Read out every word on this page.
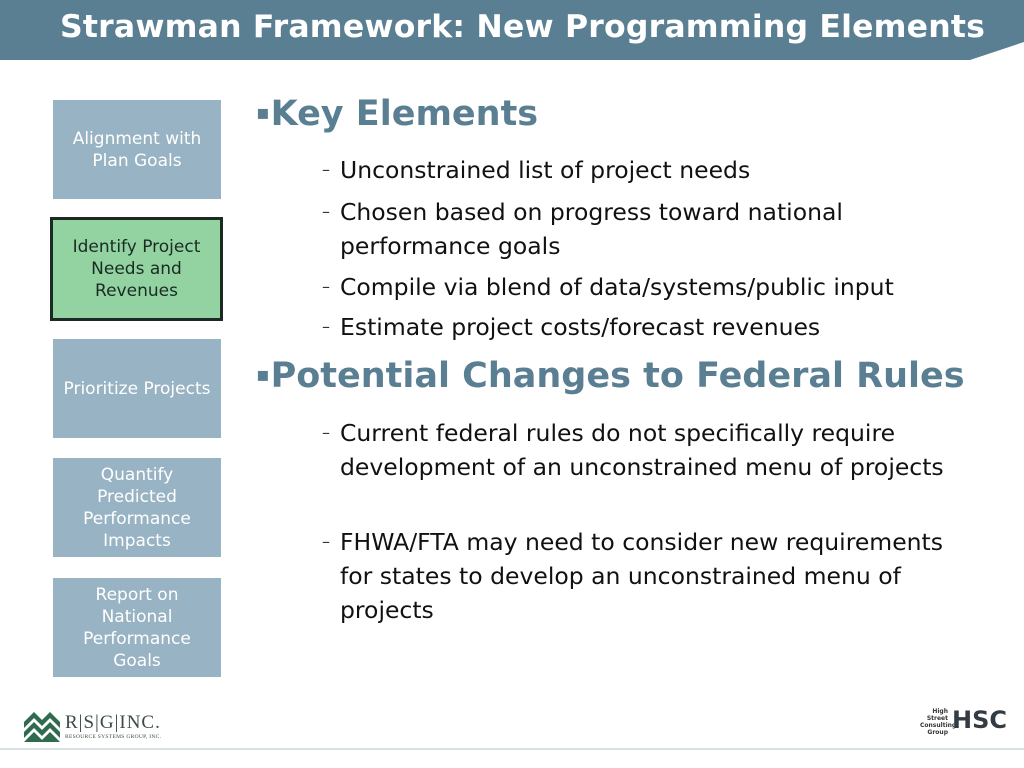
Strawman Framework: New Programming Elements
Alignment with Plan Goals
Identify Project Needs and Revenues
Prioritize Projects
Quantify Predicted Performance Impacts
Report on National Performance Goals
▪Key Elements
– Unconstrained list of project needs
– Chosen based on progress toward national performance goals
– Compile via blend of data/systems/public input
– Estimate project costs/forecast revenues
▪Potential Changes to Federal Rules
– Current federal rules do not specifically require development of an unconstrained menu of projects
– FHWA/FTA may need to consider new requirements for states to develop an unconstrained menu of projects
R|S|G|INC.
RESOURCE SYSTEMS GROUP, INC.
High Street Consulting Group HSC
